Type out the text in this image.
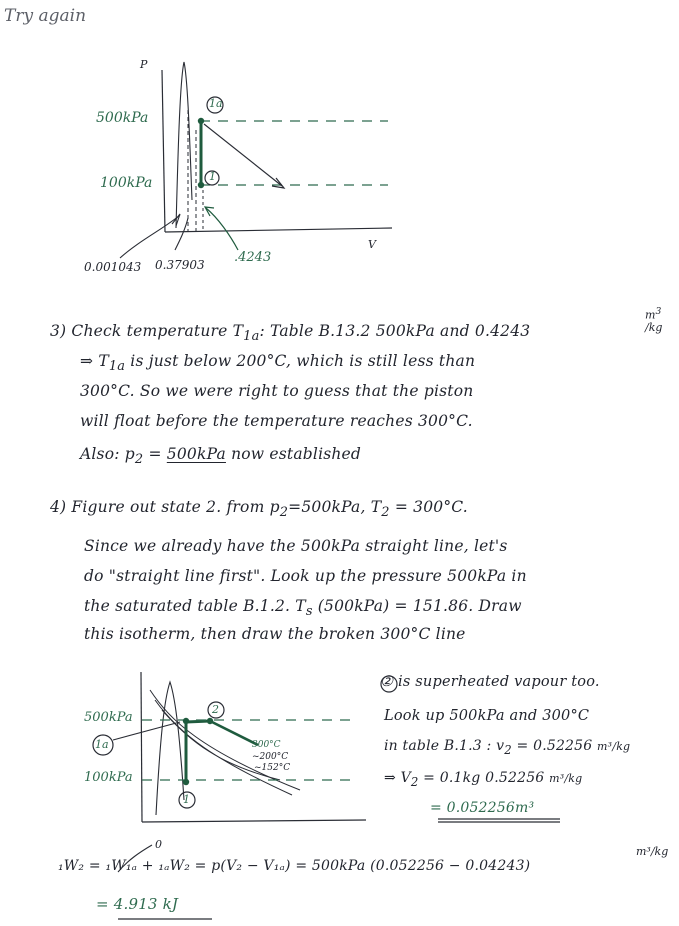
Try again
P
V
500kPa
100kPa
1a
1
0.001043 0.37903 .4243
3) Check temperature $T_{1a}$: Table B.13.2 500kPa and 0.4243
$m^3$
/kg
⇒ $T_{1a}$ is just below 200°C, which is still less than
300°C. So we were right to guess that the piston
will float before the temperature reaches 300°C.
Also: $p_2 = 500kPa$ now established
4) Figure out state 2. from $p_2=500kPa$, $T_2 = 300^\circ C$.
Since we already have the 500kPa straight line, let's
do "straight line first". Look up the pressure 500kPa in
the saturated table B.1.2. $T_s$ (500kPa) = 151.86. Draw
this isotherm, then draw the broken 300°C line
500kPa
100kPa
1a
2
1
300°C
~200°C
~152°C
② is superheated vapour too.
Look up 500kPa and 300°C
in table B.1.3 : $v_2 = 0.52256$ m³/kg
⇒ $V_2 = 0.1kg$ 0.52256 m³/kg
= 0.052256m³
0
₁W₂ = ₁W₁ₐ + ₁ₐW₂ = p(V₂ − V₁ₐ) = 500kPa (0.052256 − 0.04243)
m³/kg
= 4.913 kJ
